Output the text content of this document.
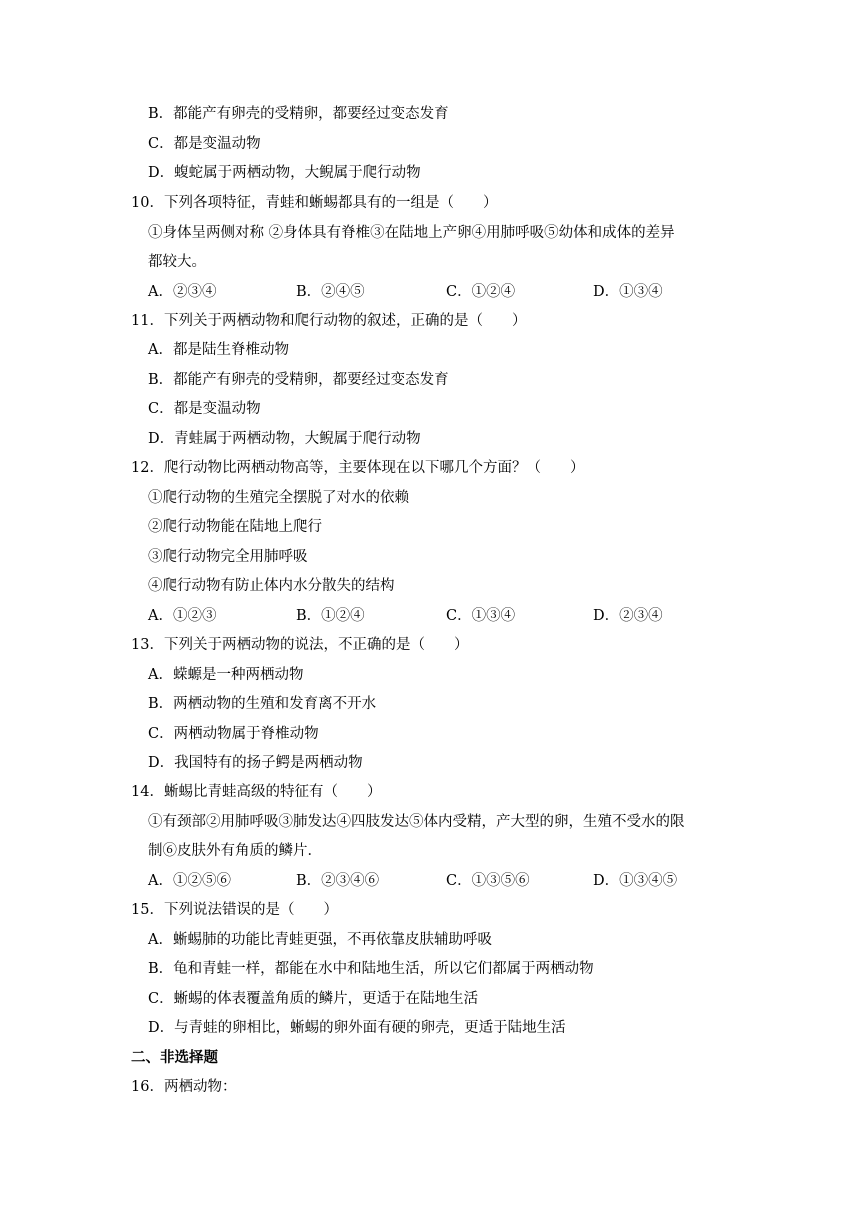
B．都能产有卵壳的受精卵，都要经过变态发育
C．都是变温动物
D．蝮蛇属于两栖动物，大鲵属于爬行动物
10．下列各项特征，青蛙和蜥蜴都具有的一组是（　　）
①身体呈两侧对称 ②身体具有脊椎③在陆地上产卵④用肺呼吸⑤幼体和成体的差异
都较大。
A．②③④	B．②④⑤	C．①②④	D．①③④
11．下列关于两栖动物和爬行动物的叙述，正确的是（　　）
A．都是陆生脊椎动物
B．都能产有卵壳的受精卵，都要经过变态发育
C．都是变温动物
D．青蛙属于两栖动物，大鲵属于爬行动物
12．爬行动物比两栖动物高等，主要体现在以下哪几个方面？（　　）
①爬行动物的生殖完全摆脱了对水的依赖
②爬行动物能在陆地上爬行
③爬行动物完全用肺呼吸
④爬行动物有防止体内水分散失的结构
A．①②③	B．①②④	C．①③④	D．②③④
13．下列关于两栖动物的说法，不正确的是（　　）
A．蝾螈是一种两栖动物
B．两栖动物的生殖和发育离不开水
C．两栖动物属于脊椎动物
D．我国特有的扬子鳄是两栖动物
14．蜥蜴比青蛙高级的特征有（　　）
①有颈部②用肺呼吸③肺发达④四肢发达⑤体内受精，产大型的卵，生殖不受水的限
制⑥皮肤外有角质的鳞片．
A．①②⑤⑥	B．②③④⑥	C．①③⑤⑥	D．①③④⑤
15．下列说法错误的是（　　）
A．蜥蜴肺的功能比青蛙更强，不再依靠皮肤辅助呼吸
B．龟和青蛙一样，都能在水中和陆地生活，所以它们都属于两栖动物
C．蜥蜴的体表覆盖角质的鳞片，更适于在陆地生活
D．与青蛙的卵相比，蜥蜴的卵外面有硬的卵壳，更适于陆地生活
二、非选择题
16．两栖动物：
